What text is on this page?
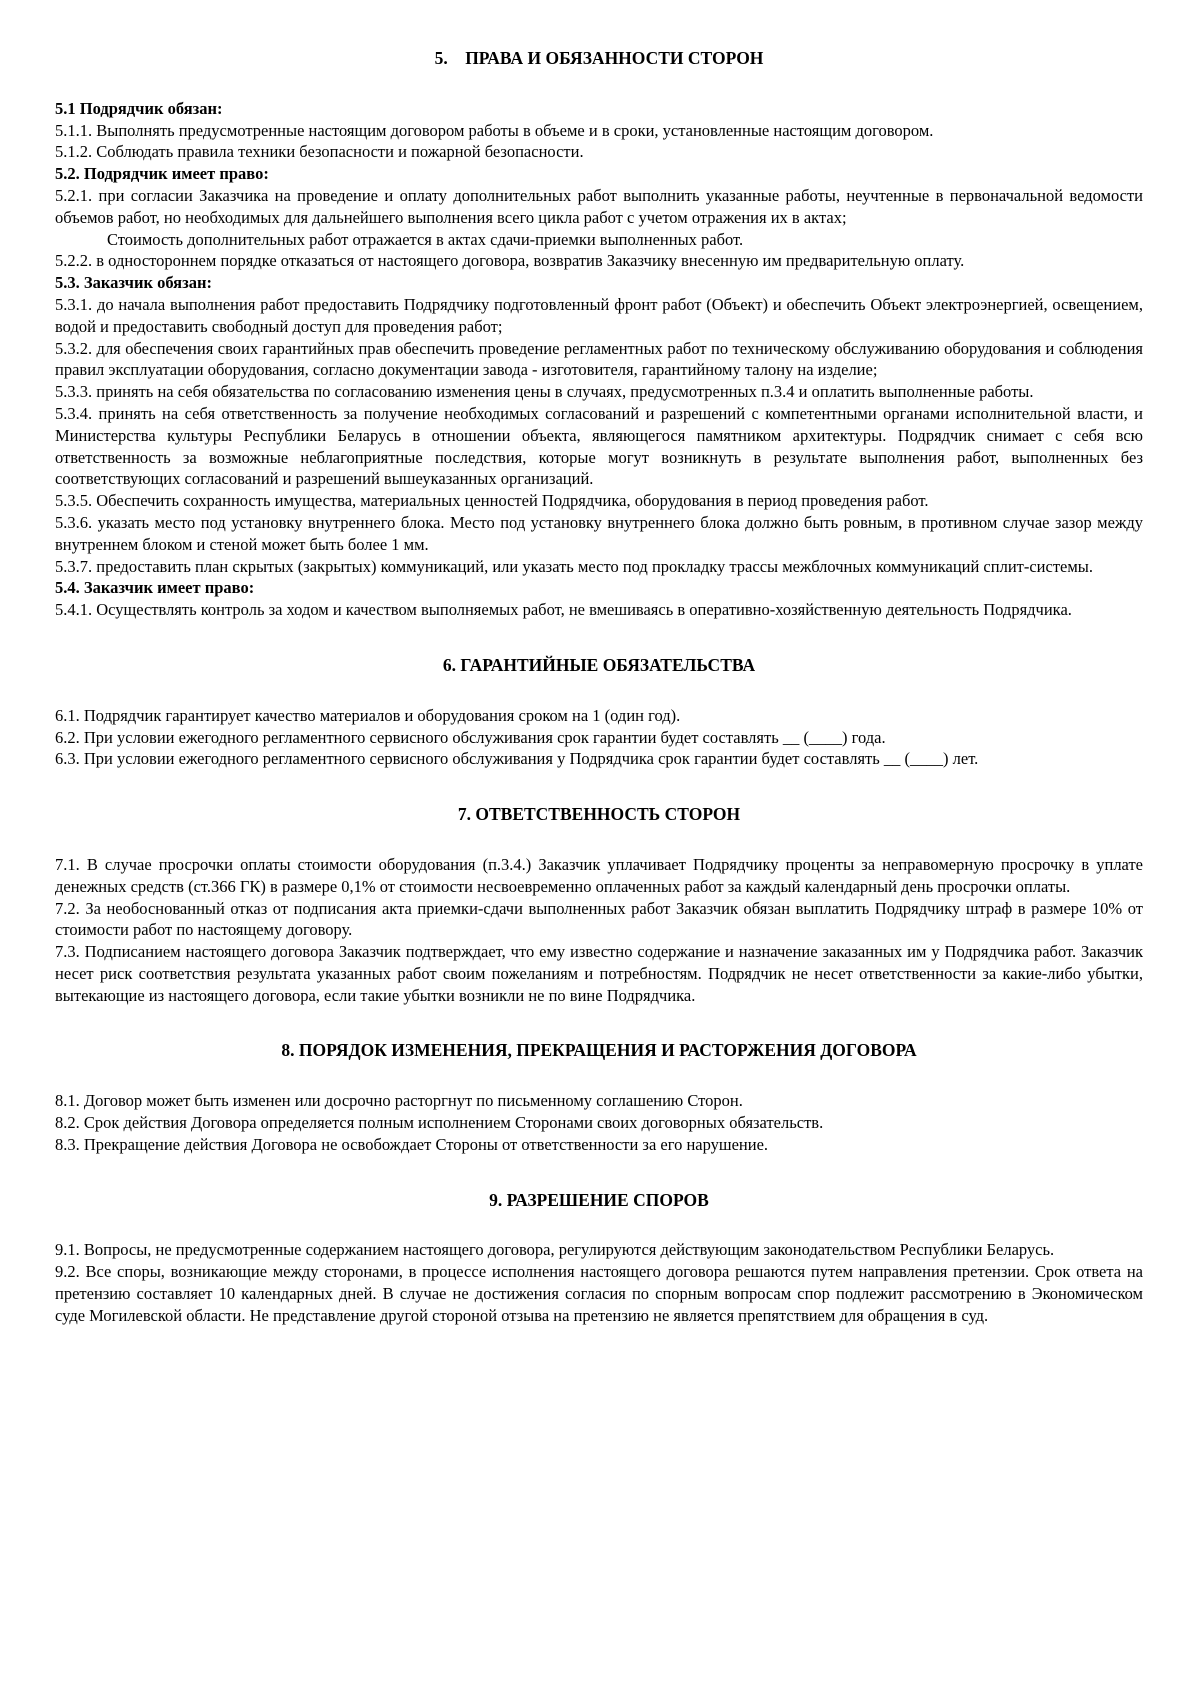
5.    ПРАВА И ОБЯЗАННОСТИ СТОРОН

5.1 Подрядчик обязан:

5.1.1. Выполнять предусмотренные настоящим договором работы в объеме и в сроки, установленные настоящим договором.

5.1.2. Соблюдать правила техники безопасности и пожарной безопасности.

5.2. Подрядчик имеет право:

5.2.1. при согласии Заказчика на проведение и оплату дополнительных работ выполнить указанные работы, неучтенные в первоначальной ведомости объемов работ, но необходимых для дальнейшего выполнения всего цикла работ с учетом отражения их в актах;

Стоимость дополнительных работ отражается в актах сдачи-приемки выполненных работ.

5.2.2. в одностороннем порядке отказаться от настоящего договора, возвратив Заказчику внесенную им предварительную оплату.

5.3. Заказчик обязан:

5.3.1. до начала выполнения работ предоставить Подрядчику подготовленный фронт работ (Объект) и обеспечить Объект электроэнергией, освещением, водой и предоставить свободный доступ для проведения работ;

5.3.2. для обеспечения своих гарантийных прав обеспечить проведение регламентных работ по техническому обслуживанию оборудования и соблюдения правил эксплуатации оборудования, согласно документации завода - изготовителя, гарантийному талону на изделие;

5.3.3. принять на себя обязательства по согласованию изменения цены в случаях, предусмотренных п.3.4 и оплатить выполненные работы.

5.3.4. принять на себя ответственность за получение необходимых согласований и разрешений с компетентными органами исполнительной власти, и Министерства культуры Республики Беларусь в отношении объекта, являющегося памятником архитектуры. Подрядчик снимает с себя всю ответственность за возможные неблагоприятные последствия, которые могут возникнуть в результате выполнения работ, выполненных без соответствующих согласований и разрешений вышеуказанных организаций.

5.3.5. Обеспечить сохранность имущества, материальных ценностей Подрядчика, оборудования в период проведения работ.

5.3.6. указать место под установку внутреннего блока. Место под установку внутреннего блока должно быть ровным, в противном случае зазор между внутреннем блоком и стеной может быть более 1 мм.

5.3.7. предоставить план скрытых (закрытых) коммуникаций, или указать место под прокладку трассы межблочных коммуникаций сплит-системы.

5.4. Заказчик имеет право:

5.4.1. Осуществлять контроль за ходом и качеством выполняемых работ, не вмешиваясь в оперативно-хозяйственную деятельность Подрядчика.

6. ГАРАНТИЙНЫЕ ОБЯЗАТЕЛЬСТВА

6.1. Подрядчик гарантирует качество материалов и оборудования сроком на 1 (один год).

6.2. При условии ежегодного регламентного сервисного обслуживания срок гарантии будет составлять __ (____) года.

6.3. При условии ежегодного регламентного сервисного обслуживания у Подрядчика срок гарантии будет составлять __ (____) лет.

7. ОТВЕТСТВЕННОСТЬ СТОРОН

7.1. В случае просрочки оплаты стоимости оборудования (п.3.4.) Заказчик уплачивает Подрядчику проценты за неправомерную просрочку в уплате денежных средств (ст.366 ГК) в размере 0,1% от стоимости несвоевременно оплаченных работ за каждый календарный день просрочки оплаты.

7.2. За необоснованный отказ от подписания акта приемки-сдачи выполненных работ Заказчик обязан выплатить Подрядчику штраф в размере 10% от стоимости работ по настоящему договору.

7.3. Подписанием настоящего договора Заказчик подтверждает, что ему известно содержание и назначение заказанных им у Подрядчика работ. Заказчик несет риск соответствия результата указанных работ своим пожеланиям и потребностям. Подрядчик не несет ответственности за какие-либо убытки, вытекающие из настоящего договора, если такие убытки возникли не по вине Подрядчика.

8. ПОРЯДОК ИЗМЕНЕНИЯ, ПРЕКРАЩЕНИЯ И РАСТОРЖЕНИЯ ДОГОВОРА

8.1. Договор может быть изменен или досрочно расторгнут по письменному соглашению Сторон.

8.2. Срок действия Договора определяется полным исполнением Сторонами своих договорных обязательств.

8.3. Прекращение действия Договора не освобождает Стороны от ответственности за его нарушение.

9. РАЗРЕШЕНИЕ СПОРОВ

9.1. Вопросы, не предусмотренные содержанием настоящего договора, регулируются действующим законодательством Республики Беларусь.

9.2. Все споры, возникающие между сторонами, в процессе исполнения настоящего договора решаются путем направления претензии. Срок ответа на претензию составляет 10 календарных дней. В случае не достижения согласия по спорным вопросам спор подлежит рассмотрению в Экономическом суде Могилевской области. Не представление другой стороной отзыва на претензию не является препятствием для обращения в суд.
